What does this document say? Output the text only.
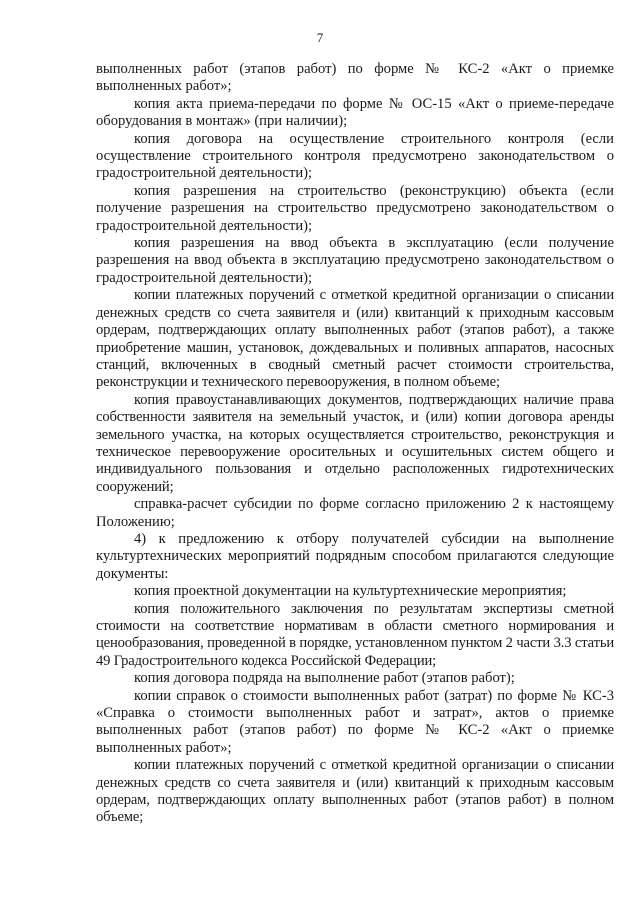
7

выполненных работ (этапов работ) по форме № КС-2 «Акт о приемке выполненных работ»;

копия акта приема-передачи по форме № ОС-15 «Акт о приеме-передаче оборудования в монтаж» (при наличии);

копия договора на осуществление строительного контроля (если осуществление строительного контроля предусмотрено законодательством о градостроительной деятельности);

копия разрешения на строительство (реконструкцию) объекта (если получение разрешения на строительство предусмотрено законодательством о градостроительной деятельности);

копия разрешения на ввод объекта в эксплуатацию (если получение разрешения на ввод объекта в эксплуатацию предусмотрено законодательством о градостроительной деятельности);

копии платежных поручений с отметкой кредитной организации о списании денежных средств со счета заявителя и (или) квитанций к приходным кассовым ордерам, подтверждающих оплату выполненных работ (этапов работ), а также приобретение машин, установок, дождевальных и поливных аппаратов, насосных станций, включенных в сводный сметный расчет стоимости строительства, реконструкции и технического перевооружения, в полном объеме;

копия правоустанавливающих документов, подтверждающих наличие права собственности заявителя на земельный участок, и (или) копии договора аренды земельного участка, на которых осуществляется строительство, реконструкция и техническое перевооружение оросительных и осушительных систем общего и индивидуального пользования и отдельно расположенных гидротехнических сооружений;

справка-расчет субсидии по форме согласно приложению 2 к настоящему Положению;

4) к предложению к отбору получателей субсидии на выполнение культуртехнических мероприятий подрядным способом прилагаются следующие документы:

копия проектной документации на культуртехнические мероприятия;

копия положительного заключения по результатам экспертизы сметной стоимости на соответствие нормативам в области сметного нормирования и ценообразования, проведенной в порядке, установленном пунктом 2 части 3.3 статьи 49 Градостроительного кодекса Российской Федерации;

копия договора подряда на выполнение работ (этапов работ);

копии справок о стоимости выполненных работ (затрат) по форме № КС-3 «Справка о стоимости выполненных работ и затрат», актов о приемке выполненных работ (этапов работ) по форме № КС-2 «Акт о приемке выполненных работ»;

копии платежных поручений с отметкой кредитной организации о списании денежных средств со счета заявителя и (или) квитанций к приходным кассовым ордерам, подтверждающих оплату выполненных работ (этапов работ) в полном объеме;
